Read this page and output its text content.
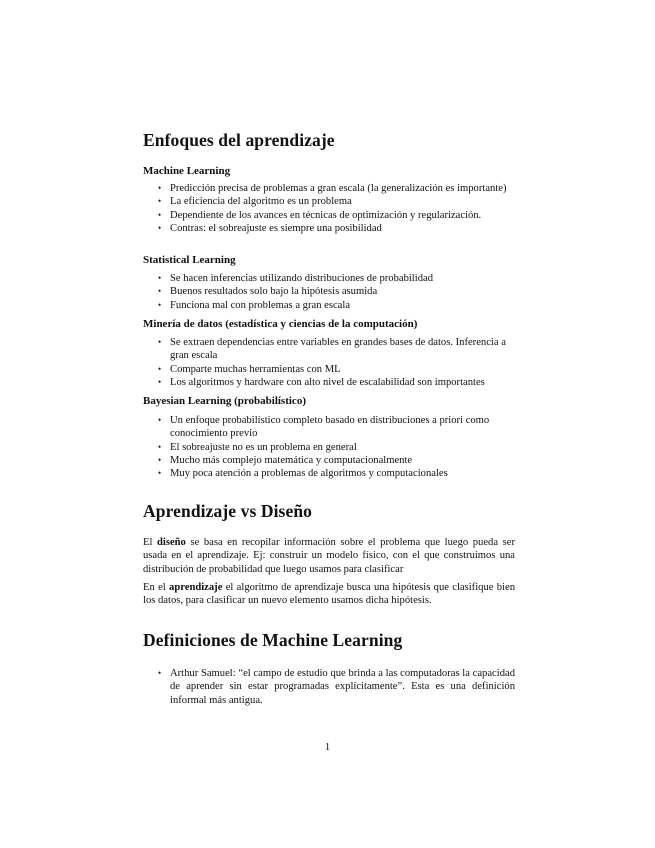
Enfoques del aprendizaje
Machine Learning
• Predicción precisa de problemas a gran escala (la generalización es importante)
• La eficiencia del algoritmo es un problema
• Dependiente de los avances en técnicas de optimización y regularización.
• Contras: el sobreajuste es siempre una posibilidad
Statistical Learning
• Se hacen inferencias utilizando distribuciones de probabilidad
• Buenos resultados solo bajo la hipótesis asumida
• Funciona mal con problemas a gran escala
Minería de datos (estadística y ciencias de la computación)
• Se extraen dependencias entre variables en grandes bases de datos. Inferencia a gran escala
• Comparte muchas herramientas con ML
• Los algoritmos y hardware con alto nivel de escalabilidad son importantes
Bayesian Learning (probabilístico)
• Un enfoque probabilístico completo basado en distribuciones a priori como conocimiento previo
• El sobreajuste no es un problema en general
• Mucho más complejo matemática y computacionalmente
• Muy poca atención a problemas de algoritmos y computacionales
Aprendizaje vs Diseño

El diseño se basa en recopilar información sobre el problema que luego pueda ser usada en el aprendizaje. Ej: construir un modelo físico, con el que construimos una distribución de probabilidad que luego usamos para clasificar

En el aprendizaje el algoritmo de aprendizaje busca una hipótesis que clasifique bien los datos, para clasificar un nuevo elemento usamos dicha hipótesis.

Definiciones de Machine Learning
• Arthur Samuel: “el campo de estudio que brinda a las computadoras la capacidad de aprender sin estar programadas explícitamente”. Esta es una definición informal más antigua.
1
